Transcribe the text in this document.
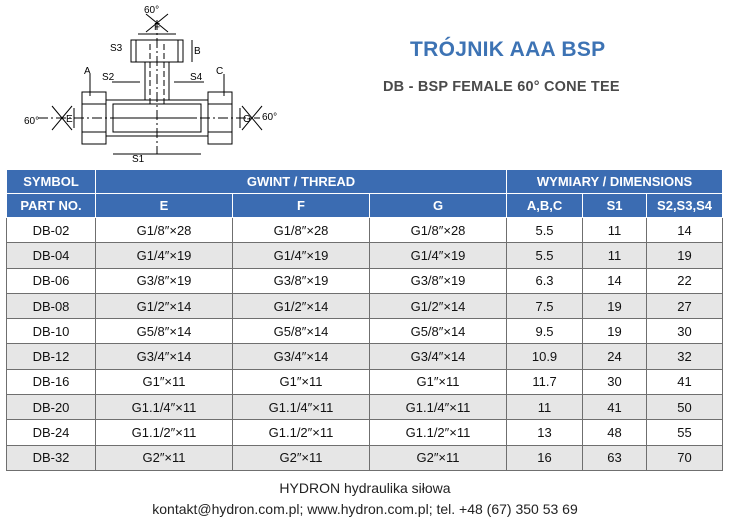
60°
F
S3	B
A
S2	S4
C
E	G
60°	60°
S1
TRÓJNIK AAA BSP
DB - BSP FEMALE 60° CONE TEE
SYMBOL	GWINT / THREAD			WYMIARY / DIMENSIONS		
PART NO.	E	F	G	A,B,C	S1	S2,S3,S4
DB-02	G1/8″×28	G1/8″×28	G1/8″×28	5.5	11	14
DB-04	G1/4″×19	G1/4″×19	G1/4″×19	5.5	11	19
DB-06	G3/8″×19	G3/8″×19	G3/8″×19	6.3	14	22
DB-08	G1/2″×14	G1/2″×14	G1/2″×14	7.5	19	27
DB-10	G5/8″×14	G5/8″×14	G5/8″×14	9.5	19	30
DB-12	G3/4″×14	G3/4″×14	G3/4″×14	10.9	24	32
DB-16	G1″×11	G1″×11	G1″×11	11.7	30	41
DB-20	G1.1/4″×11	G1.1/4″×11	G1.1/4″×11	11	41	50
DB-24	G1.1/2″×11	G1.1/2″×11	G1.1/2″×11	13	48	55
DB-32	G2″×11	G2″×11	G2″×11	16	63	70
HYDRON hydraulika siłowa
kontakt@hydron.com.pl; www.hydron.com.pl; tel. +48 (67) 350 53 69
